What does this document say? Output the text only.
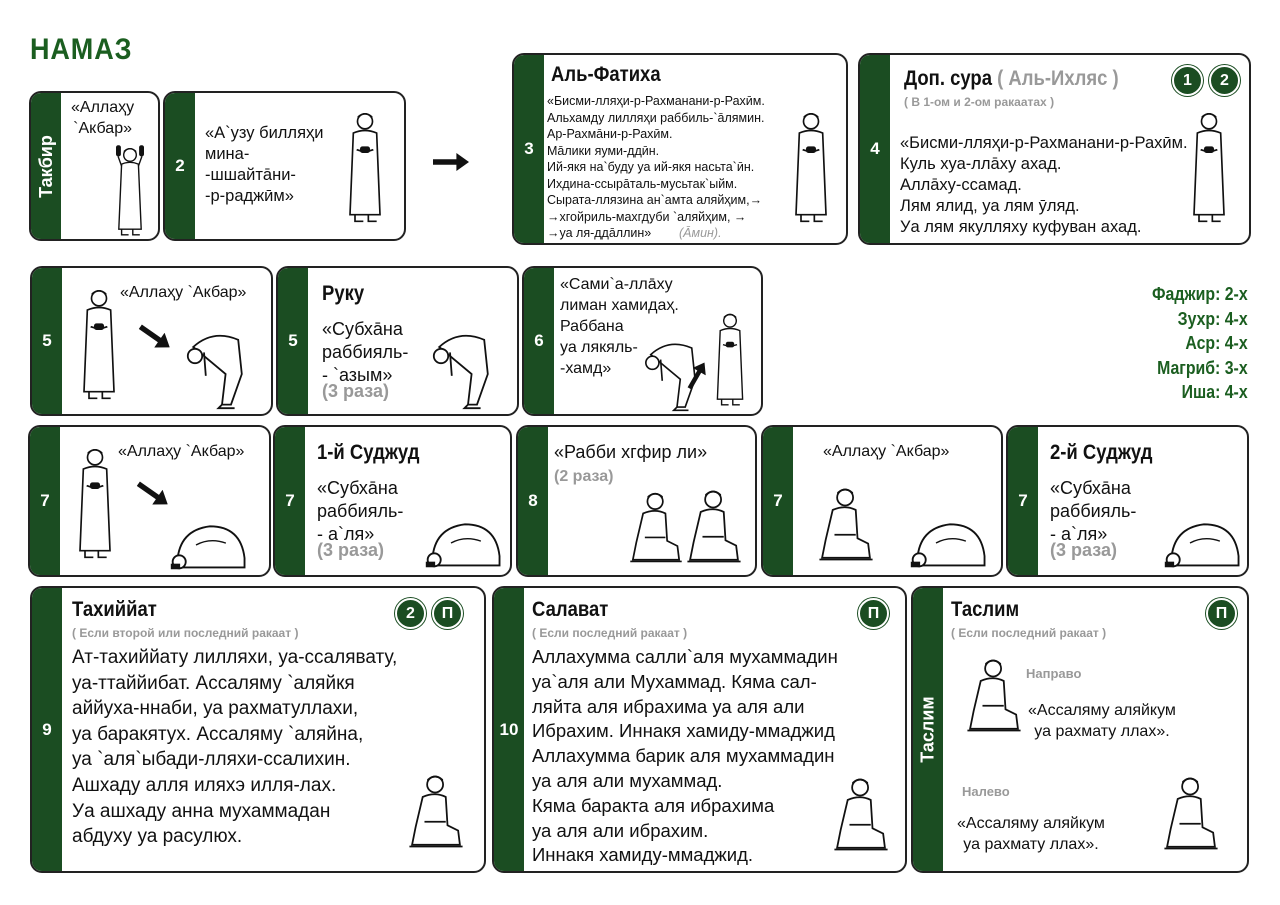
НАМАЗ
Такбир
«Аллаҳу
`Акбар»
2
«А`узу билляҳи
мина-
-шшайтāни-
-р-раджӣм»
3
Аль-Фатиха
«Бисми-лляҳи-р-Рахманани-р-Рахӣм.
Альхамду лилляҳи раббиль-`āлямин.
Ар-Рахмāни-р-Рахӣм.
Мāлики яуми-ддӣн.
Ий-якя на`буду уа ий-якя насьта`ӣн.
Ихдина-ссырāталь-мусьтак`ыйм.
Сырата-ллязина ан`амта аляйҳим,→
→хгойриль-махгдуби `аляйҳим, →
→уа ля-ддāллин»	(Āмин).
4
Доп. сура ( Аль-Ихляс )
( В 1-ом и 2-ом ракаатах )
1	2
«Бисми-лляҳи-р-Рахманани-р-Рахӣм.
Куль хуа-ллāху ахад.
Аллāху-ссамад.
Лям ялид, уа лям ӯляд.
Уа лям якулляху куфуван ахад.
5
«Аллаҳу `Акбар»
5
Руку
«Субхāна
раббияль-
- `азым»
(3 раза)
6
«Сами`а-ллāху
лиман хамидаҳ.
Раббана
уа лякяль-
-хамд»
Фаджир: 2-х
Зухр: 4-х
Аср: 4-х
Магриб: 3-х
Иша: 4-х
7
«Аллаҳу `Акбар»
7
1-й Суджуд
«Субхāна
раббияль-
- а`ля»
(3 раза)
8
«Рабби хгфир ли»
(2 раза)
7
«Аллаҳу `Акбар»
7
2-й Суджуд
«Субхāна
раббияль-
- а`ля»
(3 раза)
9
Тахиййат
( Если второй или последний ракаат )
2	П
Ат-тахиййату лилляхи, уа-ссалявату,
уа-ттаййибат. Ассаляму `аляйкя
аййуха-ннаби, уа рахматуллахи,
уа баракятух. Ассаляму `аляйна,
уа `аля`ыбади-лляхи-ссалихин.
Ашхаду алля иляхэ илля-лах.
Уа ашхаду анна мухаммадан
абдуху уа расулюх.
10
Салават
( Если последний ракаат )
П
Аллахумма салли`аля мухаммадин
уа`аля али Мухаммад. Кяма сал-
ляйта аля ибрахима уа аля али
Ибрахим. Иннакя хамиду-ммаджид
Аллахумма барик аля мухаммадин
уа аля али мухаммад.
Кяма баракта аля ибрахима
уа аля али ибрахим.
Иннакя хамиду-ммаджид.
Таслим
Таслим
( Если последний ракаат )
П
Направо
«Ассаляму аляйкум
уа рахмату ллах».
Налево
«Ассаляму аляйкум
уа рахмату ллах».
